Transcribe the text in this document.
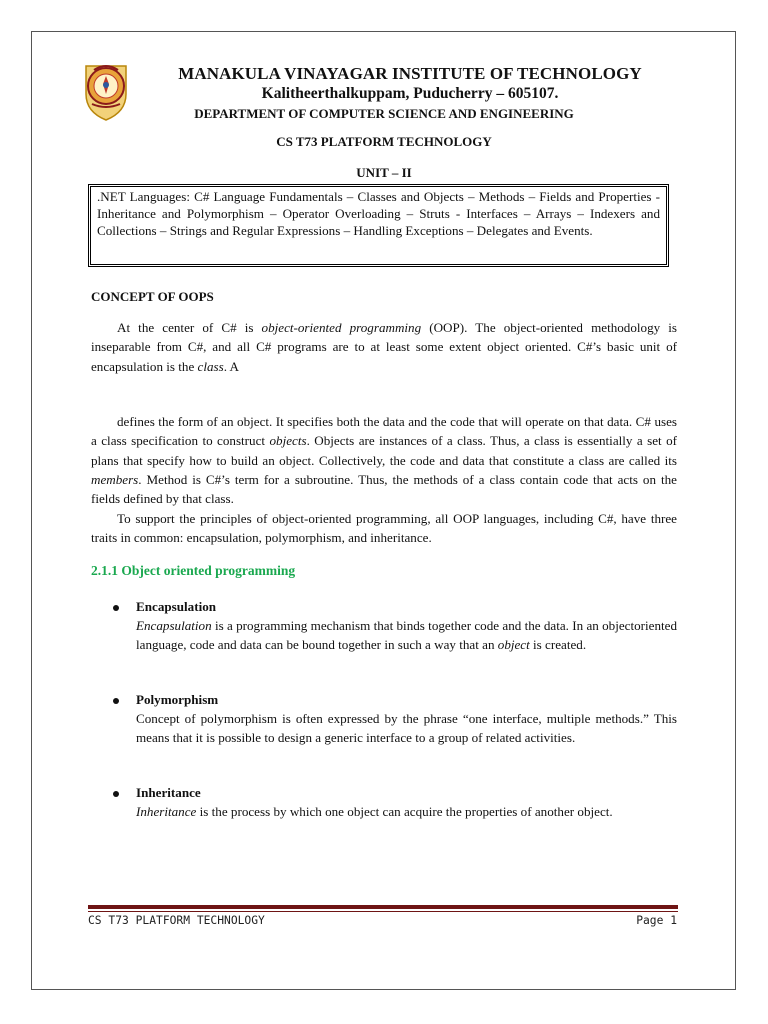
MANAKULA VINAYAGAR INSTITUTE OF TECHNOLOGY
Kalitheerthalkuppam, Puducherry – 605107.
DEPARTMENT OF COMPUTER SCIENCE AND ENGINEERING
CS T73 PLATFORM TECHNOLOGY
UNIT – II
.NET Languages: C# Language Fundamentals – Classes and Objects – Methods – Fields and Properties - Inheritance and Polymorphism – Operator Overloading – Struts - Interfaces – Arrays – Indexers and Collections – Strings and Regular Expressions – Handling Exceptions – Delegates and Events.
CONCEPT OF OOPS

At the center of C# is object-oriented programming (OOP). The object-oriented methodology is inseparable from C#, and all C# programs are to at least some extent object oriented. C#’s basic unit of encapsulation is the class. A

defines the form of an object. It specifies both the data and the code that will operate on that data. C# uses a class specification to construct objects. Objects are instances of a class. Thus, a class is essentially a set of plans that specify how to build an object. Collectively, the code and data that constitute a class are called its members. Method is C#’s term for a subroutine. Thus, the methods of a class contain code that acts on the fields defined by that class.

To support the principles of object-oriented programming, all OOP languages, including C#, have three traits in common: encapsulation, polymorphism, and inheritance.

2.1.1 Object oriented programming
Encapsulation

Encapsulation is a programming mechanism that binds together code and the data. In an objectoriented language, code and data can be bound together in such a way that an object is created.

Polymorphism

Concept of polymorphism is often expressed by the phrase “one interface, multiple methods.” This means that it is possible to design a generic interface to a group of related activities.

Inheritance

Inheritance is the process by which one object can acquire the properties of another object.

CS T73 PLATFORM TECHNOLOGY	Page 1
